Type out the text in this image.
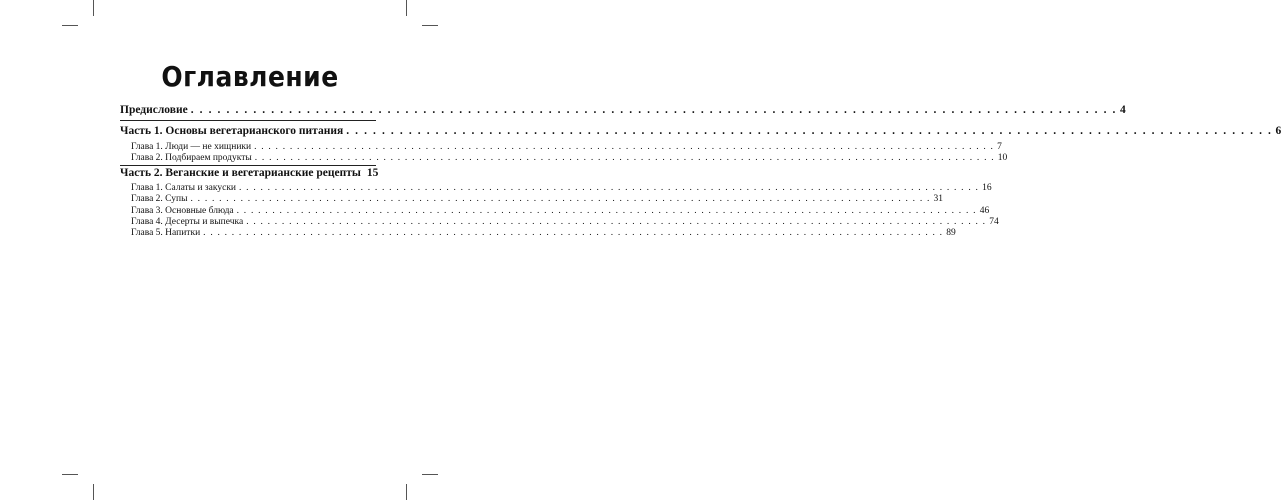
Оглавление
Предисловие . . .	4
Часть 1. Основы вегетарианского питания . . .	6
Глава 1. Люди — не хищники . . .	7
Глава 2. Подбираем продукты . . .	10
Часть 2. Веганские и вегетарианские рецепты 15
Глава 1. Салаты и закуски . . .	16
Глава 2. Супы . . .	31
Глава 3. Основные блюда . . .	46
Глава 4. Десерты и выпечка . . .	74
Глава 5. Напитки . . .	89
